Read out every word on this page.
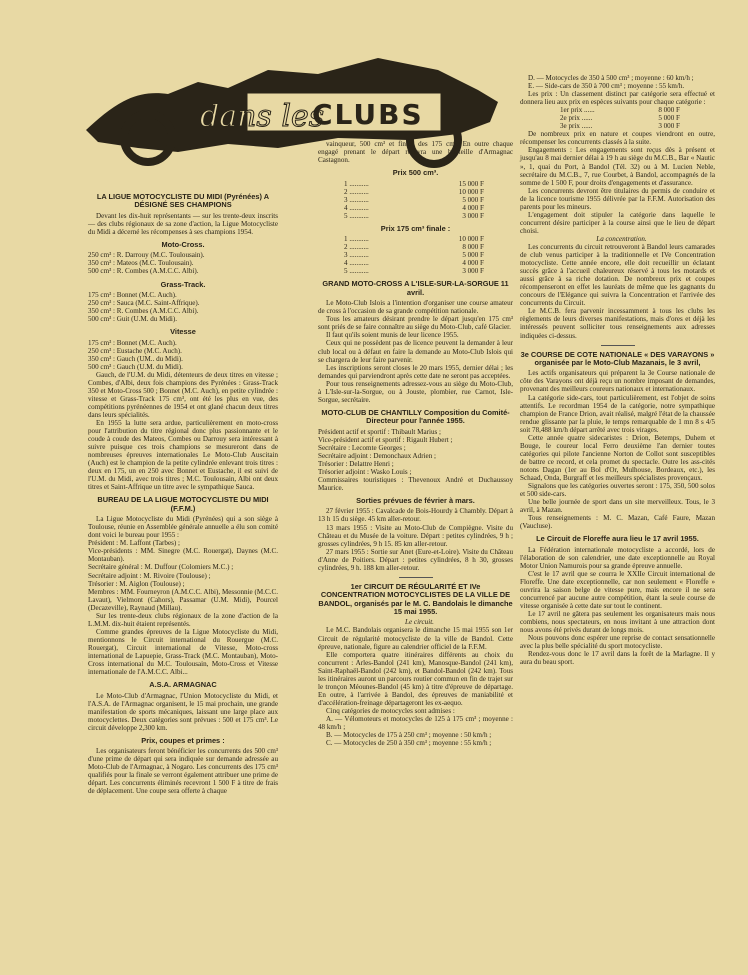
dans les
CLUBS
LA LIGUE MOTOCYCLISTE DU MIDI (Pyrénées) A DÉSIGNÉ SES CHAMPIONS

Devant les dix-huit représentants — sur les trente-deux inscrits — des clubs régionaux de sa zone d'action, la Ligue Motocycliste du Midi a décerné les récompenses à ses champions 1954.

Moto-Cross.

250 cm³ : R. Darrouy (M.C. Toulousain).

350 cm³ : Mateos (M.C. Toulousain).

500 cm³ : R. Combes (A.M.C.C. Albi).

Grass-Track.

175 cm³ : Bonnet (M.C. Auch).

250 cm³ : Sauca (M.C. Saint-Affrique).

350 cm³ : R. Combes (A.M.C.C. Albi).

500 cm³ : Guit (U.M. du Midi).

Vitesse

175 cm³ : Bonnet (M.C. Auch).

250 cm³ : Eustache (M.C. Auch).

350 cm³ : Gauch (UM.. du Midi).

500 cm³ : Gauch (U.M. du Midi).

Gauch, de l'U.M. du Midi, détenteurs de deux titres en vitesse ; Combes, d'Albi, deux fois champions des Pyrénées : Grass-Track 350 et Moto-Cross 500 ; Bonnet (M.C. Auch), en petite cylindrée : vitesse et Grass-Track 175 cm³, ont été les plus en vue, des compétitions pyrénéennes de 1954 et ont glané chacun deux titres dans leurs spécialités.

En 1955 la lutte sera ardue, particulièrement en moto-cross pour l'attribution du titre régional donc plus passionnante et le coude à coude des Mateos, Combes ou Darrouy sera intéressant à suivre puisque ces trois champions se mesureront dans de nombreuses épreuves internationales Le Moto-Club Auscitain (Auch) est le champion de la petite cylindrée enlevant trois titres : deux en 175, un en 250 avec Bonnet et Eustache, il est suivi de l'U.M. du Midi, avec trois titres ; M.C. Toulousain, Albi ont deux titres et Saint-Affrique un titre avec le sympathique Sauca.

BUREAU DE LA LIGUE MOTOCYCLISTE DU MIDI (F.F.M.)

La Ligue Motocycliste du Midi (Pyrénées) qui a son siège à Toulouse, réunie en Assemblée générale annuelle a élu son comité dont voici le bureau pour 1955 :

Président : M. Laffont (Tarbes) ;

Vice-présidents : MM. Sinegre (M.C. Rouergat), Daynes (M.C. Montauban).

Secrétaire général : M. Duffour (Colomiers M.C.) ;

Secrétaire adjoint : M. Rivoire (Toulouse) ;

Trésorier : M. Aiglon (Toulouse) ;

Membres : MM. Fourneyron (A.M.C.C. Albi), Messonnie (M.C.C. Lavaut), Vielmont (Cahors), Passamar (U.M. Midi), Pourcel (Decazeville), Raynaud (Millau).

Sur les trente-deux clubs régionaux de la zone d'action de la L.M.M. dix-huit étaient représentés.

Comme grandes épreuves de la Ligue Motocycliste du Midi, mentionnons le Circuit international du Rouergue (M.C. Rouergat), Circuit international de Vitesse, Moto-cross international de Lapuepie, Grass-Track (M.C. Montauban), Moto-Cross international du M.C. Toulousain, Moto-Cross et Vitesse internationale de l'A.M.C.C. Albi...

A.S.A. ARMAGNAC

Le Moto-Club d'Armagnac, l'Union Motocycliste du Midi, et l'A.S.A. de l'Armagnac organisent, le 15 mai prochain, une grande manifestation de sports mécaniques, laissant une large place aux motocyclettes. Deux catégories sont prévues : 500 et 175 cm³. Le circuit développe 2,300 km.

Prix, coupes et primes :

Les organisateurs feront bénéficier les concurrents des 500 cm³ d'une prime de départ qui sera indiquée sur demande adressée au Moto-Club de l'Armagnac, à Nogaro. Les concurrents des 175 cm³ qualifiés pour la finale se verront également attribuer une prime de départ. Les concurrents éliminés recevront 1 500 F à titre de frais de déplacement. Une coupe sera offerte à chaque

vainqueur, 500 cm³ et finale des 175 cm³. En outre chaque engagé prenant le départ recevra une bouteille d'Armagnac Castagnon.

Prix 500 cm³.
1 ...........	15 000 F
2 ...........	10 000 F
3 ...........	5 000 F
4 ...........	4 000 F
5 ...........	3 000 F
Prix 175 cm³ finale :
1 ...........	10 000 F
2 ...........	8 000 F
3 ...........	5 000 F
4 ...........	4 000 F
5 ...........	3 000 F
GRAND MOTO-CROSS A L'ISLE-SUR-LA-SORGUE 11 avril.

Le Moto-Club Islois a l'intention d'organiser une course amateur de cross à l'occasion de sa grande compétition nationale.

Tous les amateurs désirant prendre le départ jusqu'en 175 cm³ sont priés de se faire connaître au siège du Moto-Club, café Glacier.

Il faut qu'ils soient munis de leur licence 1955.

Ceux qui ne possèdent pas de licence peuvent la demander à leur club local ou à défaut en faire la demande au Moto-Club Islois qui se chargera de leur faire parvenir.

Les inscriptions seront closes le 20 mars 1955, dernier délai ; les demandes qui parviendront après cette date ne seront pas acceptées.

Pour tous renseignements adressez-vous au siège du Moto-Club, à L'Isle-sur-la-Sorgue, ou à Jouste, plombier, rue Carnot, Isle-Sorgue, secrétaire.

MOTO-CLUB DE CHANTILLY Composition du Comité-Directeur pour l'année 1955.

Président actif et sportif : Thibault Marius ;

Vice-président actif et sportif : Rigault Hubert ;

Secrétaire : Lecomte Georges ;

Secrétaire adjoint : Demonchaux Adrien ;

Trésorier : Delattre Henri ;

Trésorier adjoint : Wasko Louis ;

Commissaires touristiques : Thevenoux André et Duchaussoy Maurice.

Sorties prévues de février à mars.

27 février 1955 : Cavalcade de Bois-Hourdy à Chambly. Départ à 13 h 15 du siège. 45 km aller-retour.

13 mars 1955 : Visite au Moto-Club de Compiègne. Visite du Château et du Musée de la voiture. Départ : petites cylindrées, 9 h ; grosses cylindrées, 9 h 15. 85 km aller-retour.

27 mars 1955 : Sortie sur Anet (Eure-et-Loire). Visite du Château d'Anne de Poitiers. Départ : petites cylindrées, 8 h 30, grosses cylindrées, 9 h. 188 km aller-retour.

1er CIRCUIT DE RÉGULARITÉ ET IVe CONCENTRATION MOTOCYCLISTES DE LA VILLE DE BANDOL, organisés par le M. C. Bandolais le dimanche 15 mai 1955.

Le circuit.

Le M.C. Bandolais organisera le dimanche 15 mai 1955 son 1er Circuit de régularité motocycliste de la ville de Bandol. Cette épreuve, nationale, figure au calendrier officiel de la F.F.M.

Elle comportera quatre itinéraires différents au choix du concurrent : Arles-Bandol (241 km), Manosque-Bandol (241 km), Saint-Raphaël-Bandol (242 km), et Bandol-Bandol (242 km). Tous les itinéraires auront un parcours routier commun en fin de trajet sur le tronçon Méounes-Bandol (45 km) à titre d'épreuve de départage. En outre, à l'arrivée à Bandol, des épreuves de maniabilité et d'accélération-freinage départageront les ex-aequo.

Cinq catégories de motocycles sont admises :

A. — Vélomoteurs et motocycles de 125 à 175 cm³ ; moyenne : 48 km/h ;

B. — Motocycles de 175 à 250 cm³ ; moyenne : 50 km/h ;

C. — Motocycles de 250 à 350 cm³ ; moyenne : 55 km/h ;

D. — Motocycles de 350 à 500 cm³ ; moyenne : 60 km/h ;

E. — Side-cars de 350 à 700 cm³ ; moyenne : 55 km/h.

Les prix : Un classement distinct par catégorie sera effectué et donnera lieu aux prix en espèces suivants pour chaque catégorie :

1er prix ......	8 000 F
2e prix ......	5 000 F
3e prix ......	3 000 F

De nombreux prix en nature et coupes viendront en outre, récompenser les concurrents classés à la suite.

Engagements : Les engagements sont reçus dès à présent et jusqu'au 8 mai dernier délai à 19 h au siège du M.C.B., Bar « Nautic », 1, quai du Port, à Bandol (Tél. 32) ou à M. Lucien Neble, secrétaire du M.C.B., 7, rue Courbet, à Bandol, accompagnés de la somme de 1 500 F, pour droits d'engagements et d'assurance.

Les concurrents devront être titulaires du permis de conduire et de la licence tourisme 1955 délivrée par la F.F.M. Autorisation des parents pour les mineurs.

L'engagement doit stipuler la catégorie dans laquelle le concurrent désire participer à la course ainsi que le lieu de départ choisi.

La concentration.

Les concurrents du circuit retrouveront à Bandol leurs camarades de club venus participer à la traditionnelle et IVe Concentration motocycliste. Cette année encore, elle doit recueillir un éclatant succès grâce à l'accueil chaleureux réservé à tous les motards et aussi grâce à sa riche dotation. De nombreux prix et coupes récompenseront en effet les lauréats de même que les gagnants du concours de l'Elégance qui suivra la Concentration et l'arrivée des concurrents du Circuit.

Le M.C.B. fera parvenir incessamment à tous les clubs les règlements de leurs diverses manifestations, mais d'ores et déjà les intéressés peuvent solliciter tous renseignements aux adresses indiquées ci-dessus.

3e COURSE DE COTE NATIONALE « DES VARAYONS » organisée par le Moto-Club Mazanais, le 3 avril,

Les actifs organisateurs qui préparent la 3e Course nationale de côte des Varayons ont déjà reçu un nombre imposant de demandes, provenant des meilleurs coureurs nationaux et internationaux.

La catégorie side-cars, tout particulièrement, est l'objet de soins attentifs. Le recordman 1954 de la catégorie, notre sympathique champion de France Drion, avait réalisé, malgré l'état de la chaussée rendue glissante par la pluie, le temps remarquable de 1 mn 8 s 4/5 soit 78,488 km/h départ arrêté avec trois virages.

Cette année quatre sidecaristes : Drion, Betemps, Duhem et Bouge, le coureur local Ferro deuxième l'an dernier toutes catégories qui pilote l'ancienne Norton de Collot sont susceptibles de battre ce record, et cela promet du spectacle. Outre les ass-cités notons Dagan (1er au Bol d'Or, Mulhouse, Bordeaux, etc.), les Schaad, Onda, Burgraff et les meilleurs spécialistes provençaux.

Signalons que les catégories ouvertes seront : 175, 350, 500 solos et 500 side-cars.

Une belle journée de sport dans un site merveilleux. Tous, le 3 avril, à Mazan.

Tous renseignements : M. C. Mazan, Café Faure, Mazan (Vaucluse).

Le Circuit de Floreffe aura lieu le 17 avril 1955.

La Fédération internationale motocycliste a accordé, lors de l'élaboration de son calendrier, une date exceptionnelle au Royal Motor Union Namurois pour sa grande épreuve annuelle.

C'est le 17 avril que se courra le XXIIe Circuit international de Floreffe. Une date exceptionnelle, car non seulement « Floreffe » ouvrira la saison belge de vitesse pure, mais encore il ne sera concurrencé par aucune autre compétition, étant la seule course de vitesse organisée à cette date sur tout le continent.

Le 17 avril ne gâtera pas seulement les organisateurs mais nous combiens, nous spectateurs, en nous invitant à une attraction dont nous avons été privés durant de longs mois.

Nous pouvons donc espérer une reprise de contact sensationnelle avec la plus belle spécialité du sport motocycliste.

Rendez-vous donc le 17 avril dans la forêt de la Marlagne. Il y aura du beau sport.
